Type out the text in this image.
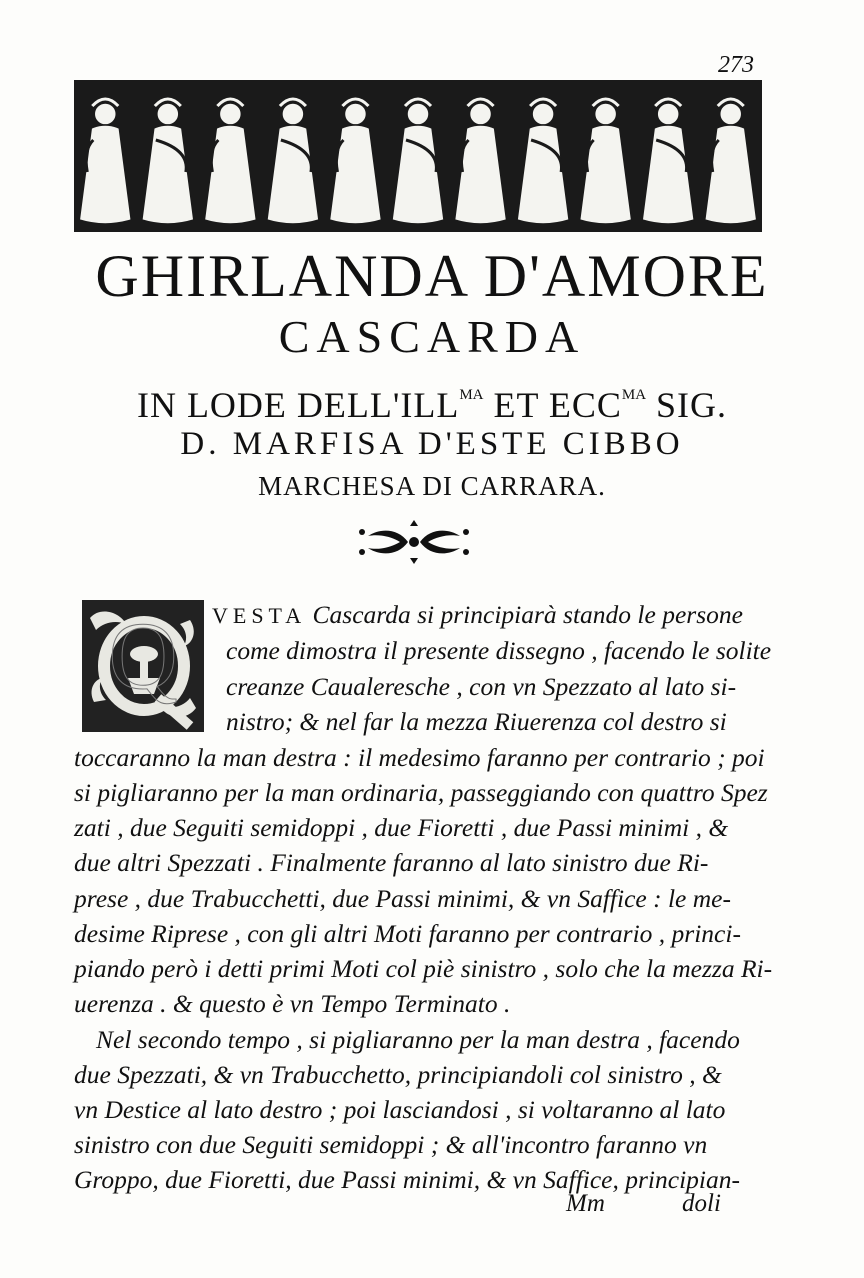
273
GHIRLANDA D'AMORE
CASCARDA
IN LODE $DELL'ILL^{MA}$ ET $ECC^{MA}$ SIG.
D. MARFISA D'ESTE CIBBO
MARCHESA DI CARRARA.
Q VESTA Cascarda si principiarà stando le persone
come dimostra il presente dissegno , facendo le solite
creanze Caualeresche , con vn Spezzato al lato si-
nistro; & nel far la mezza Riuerenza col destro si
toccaranno la man destra : il medesimo faranno per contrario ; poi
si pigliaranno per la man ordinaria, passeggiando con quattro Spez
zati , due Seguiti semidoppi , due Fioretti , due Passi minimi , &
due altri Spezzati . Finalmente faranno al lato sinistro due Ri-
prese , due Trabucchetti, due Passi minimi, & vn Saffice : le me-
desime Riprese , con gli altri Moti faranno per contrario , princi-
piando però i detti primi Moti col piè sinistro , solo che la mezza Ri-
uerenza . & questo è vn Tempo Terminato .
Nel secondo tempo , si pigliaranno per la man destra , facendo
due Spezzati, & vn Trabucchetto, principiandoli col sinistro , &
vn Destice al lato destro ; poi lasciandosi , si voltaranno al lato
sinistro con due Seguiti semidoppi ; & all'incontro faranno vn
Groppo, due Fioretti, due Passi minimi, & vn Saffice, principian-
Mm	doli
